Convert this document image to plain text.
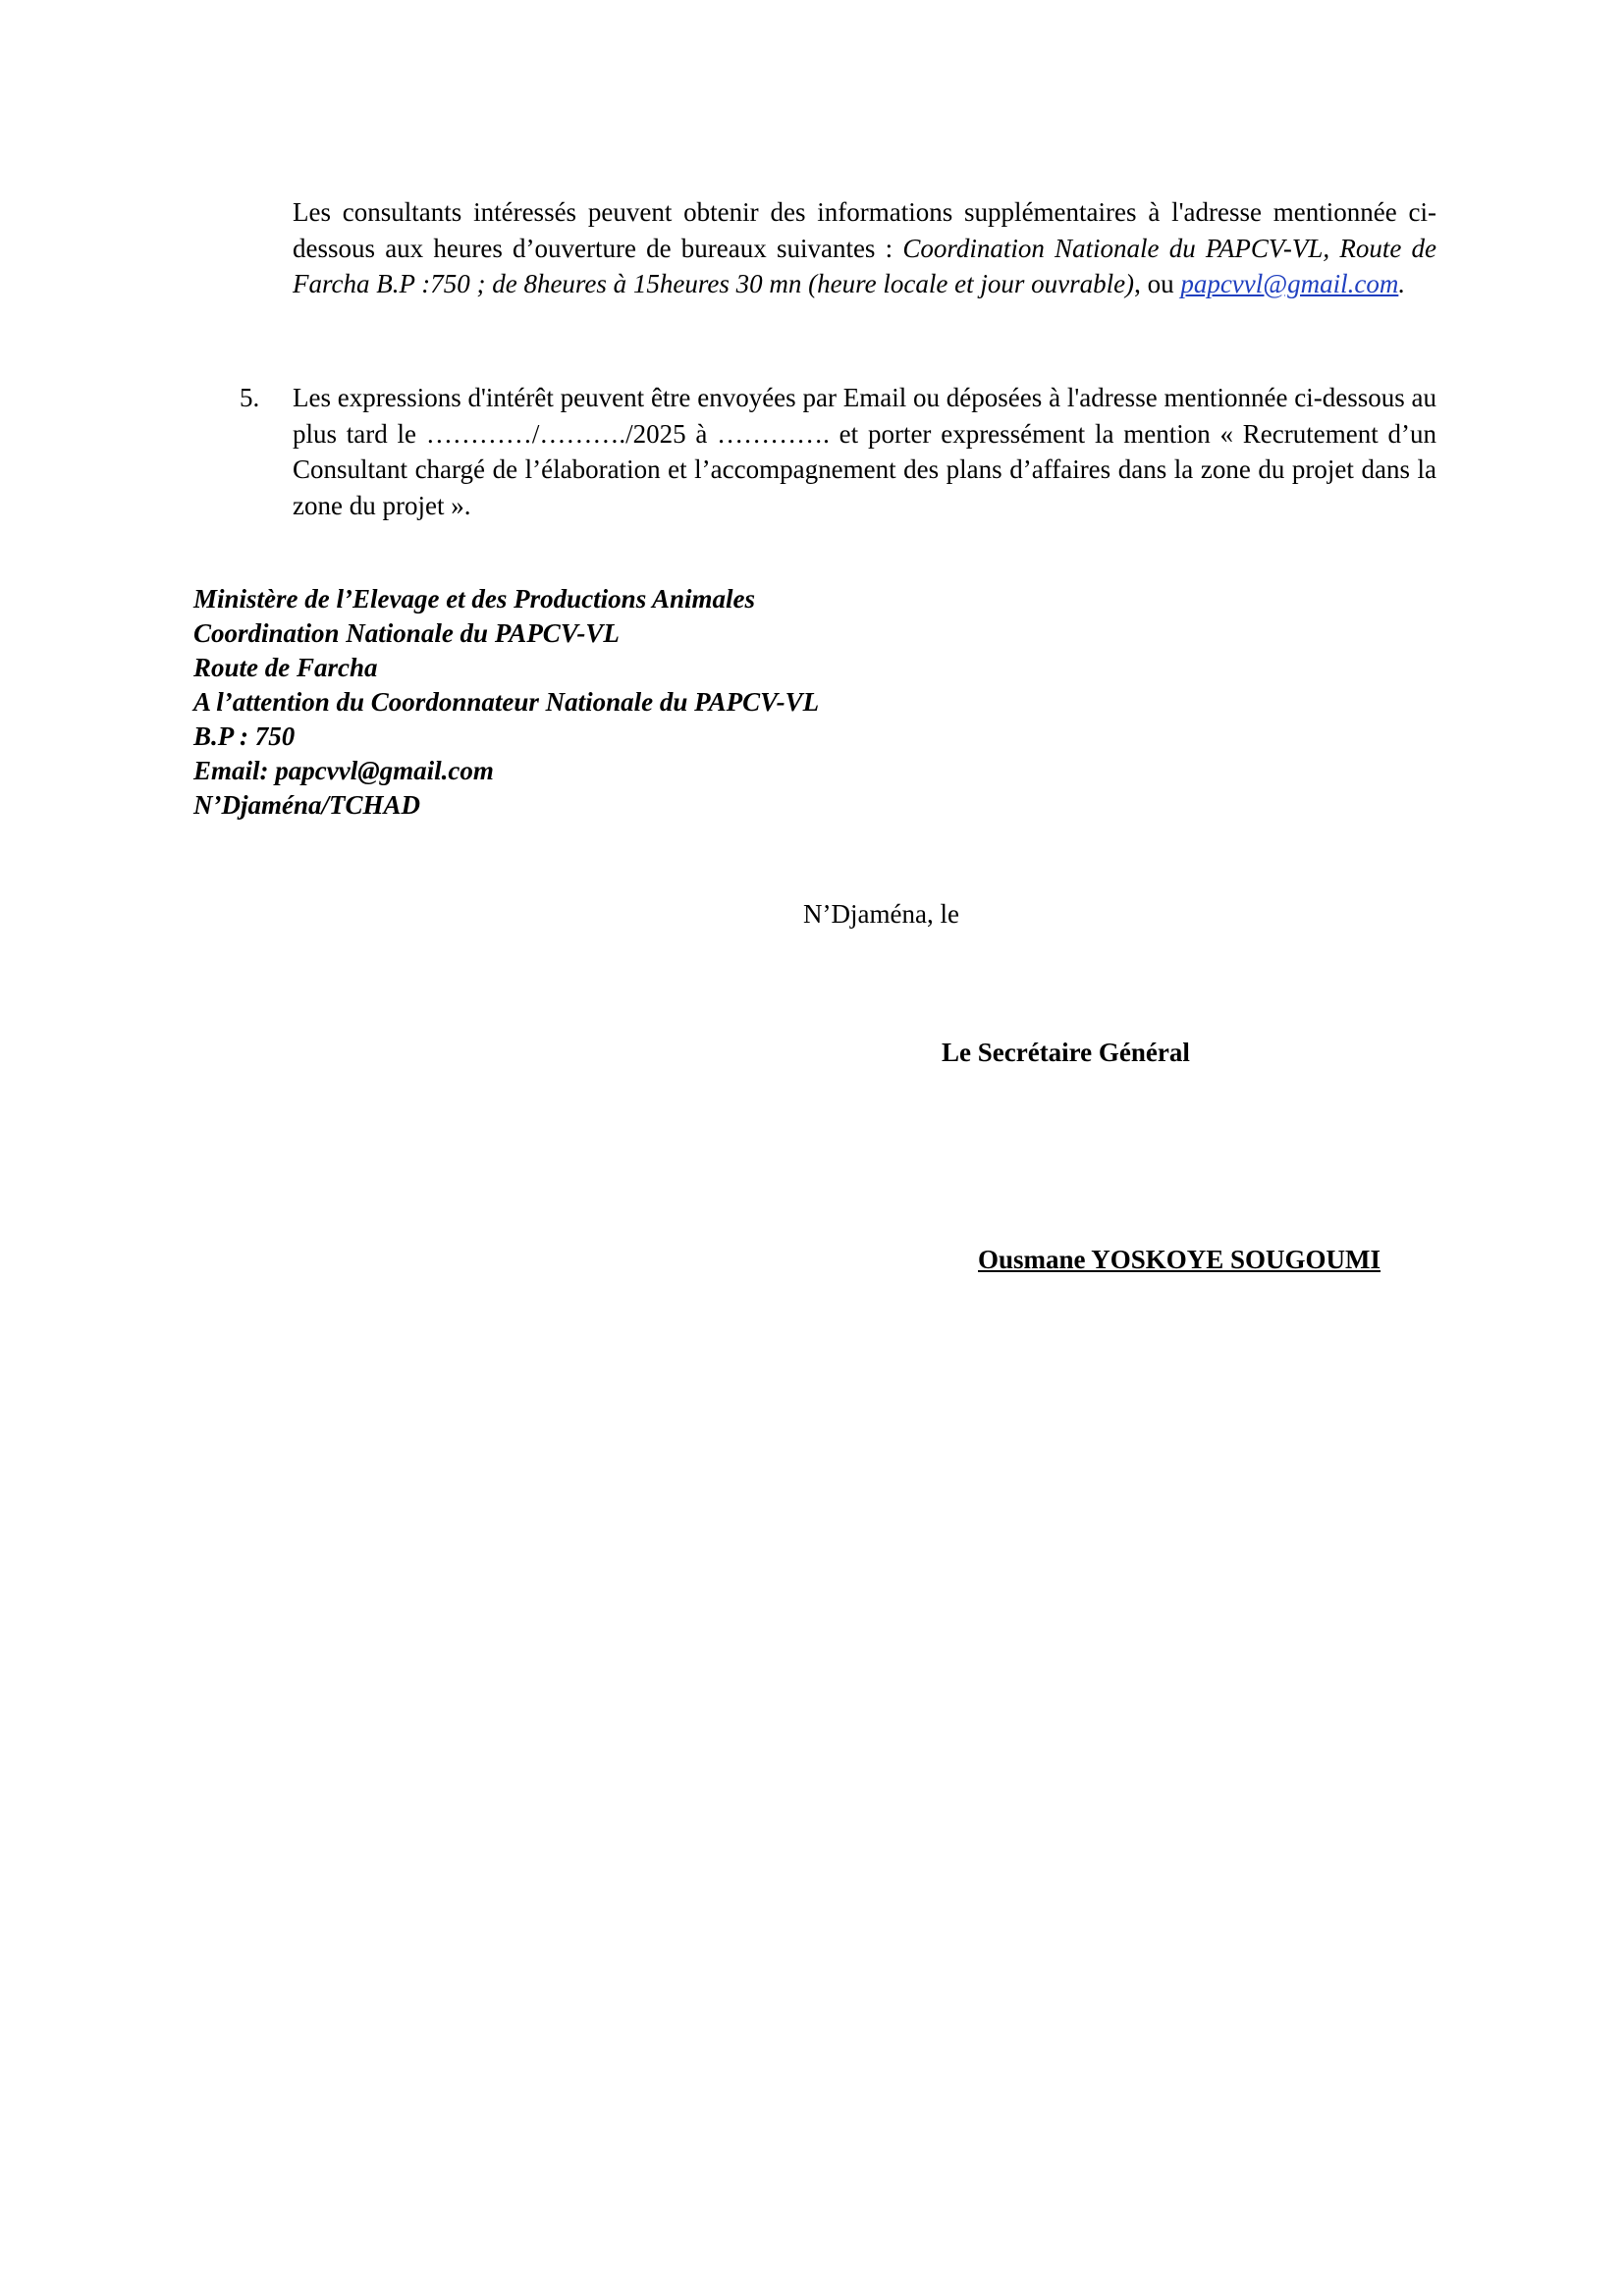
Les consultants intéressés peuvent obtenir des informations supplémentaires à l'adresse mentionnée ci-dessous aux heures d’ouverture de bureaux suivantes : Coordination Nationale du PAPCV-VL, Route de Farcha B.P :750 ; de 8heures à 15heures 30 mn (heure locale et jour ouvrable), ou papcvvl@gmail.com.

5. Les expressions d'intérêt peuvent être envoyées par Email ou déposées à l'adresse mentionnée ci-dessous au plus tard le …………/………./2025 à …………. et porter expressément la mention « Recrutement d’un Consultant chargé de l’élaboration et l’accompagnement des plans d’affaires dans la zone du projet dans la zone du projet ».

Ministère de l’Elevage et des Productions Animales
Coordination Nationale du PAPCV-VL
Route de Farcha
A l’attention du Coordonnateur Nationale du PAPCV-VL
B.P : 750
Email: papcvvl@gmail.com
N’Djaména/TCHAD
N’Djaména, le
Le Secrétaire Général
Ousmane YOSKOYE SOUGOUMI
